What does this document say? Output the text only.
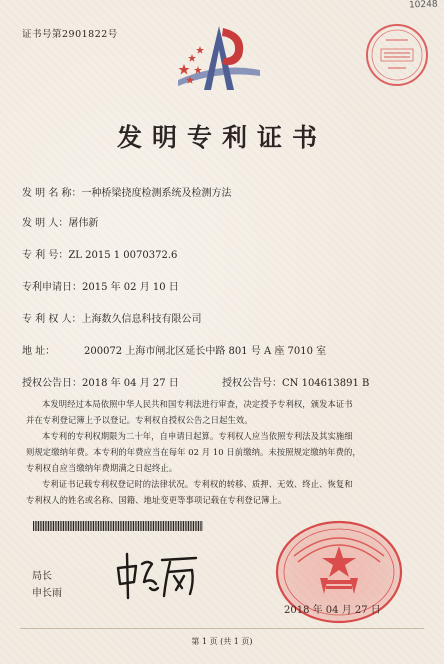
10248
证书号第2901822号
发明专利证书
发 明 名 称：一种桥梁挠度检测系统及检测方法
发 明 人：屠伟新
专 利 号：ZL 2015 1 0070372.6
专利申请日：2015 年 02 月 10 日
专 利 权 人：上海数久信息科技有限公司
地 址：	200072 上海市闸北区延长中路 801 号 A 座 7010 室
授权公告日：2018 年 04 月 27 日	授权公告号：CN 104613891 B
本发明经过本局依照中华人民共和国专利法进行审查，决定授予专利权，颁发本证书
并在专利登记簿上予以登记。专利权自授权公告之日起生效。
本专利的专利权期限为二十年，自申请日起算。专利权人应当依照专利法及其实施细
则规定缴纳年费。本专利的年费应当在每年 02 月 10 日前缴纳。未按照规定缴纳年费的，
专利权自应当缴纳年费期满之日起终止。
专利证书记载专利权登记时的法律状况。专利权的转移、质押、无效、终止、恢复和
专利权人的姓名或名称、国籍、地址变更等事项记载在专利登记簿上。
局长
申长雨
2018 年 04 月 27 日
第 1 页 (共 1 页)
